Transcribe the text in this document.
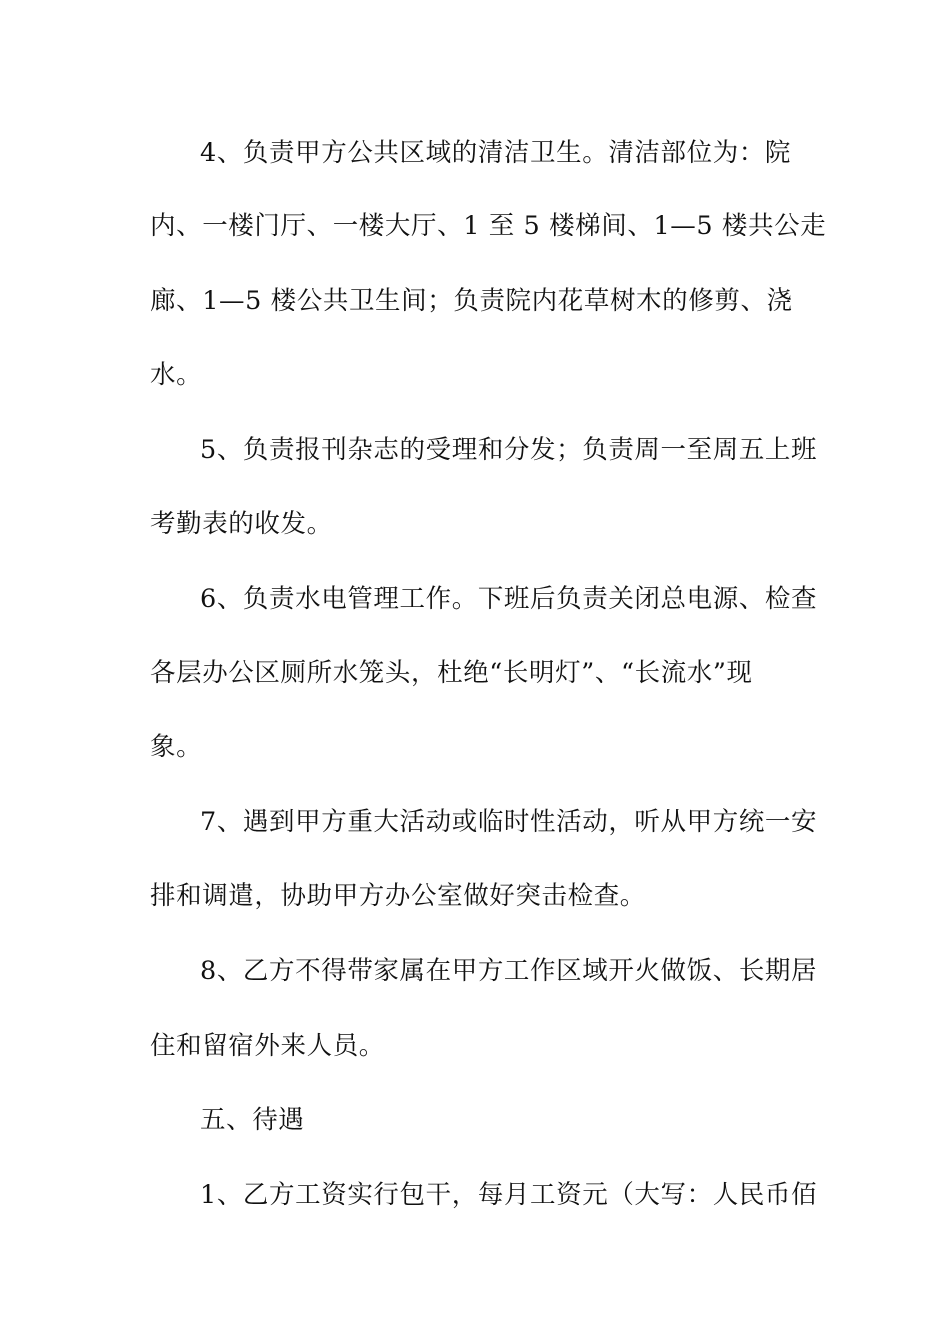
4、负责甲方公共区域的清洁卫生。清洁部位为：院
内、一楼门厅、一楼大厅、1 至 5 楼梯间、1—5 楼共公走
廊、1—5 楼公共卫生间；负责院内花草树木的修剪、浇
水。
5、负责报刊杂志的受理和分发；负责周一至周五上班
考勤表的收发。
6、负责水电管理工作。下班后负责关闭总电源、检查
各层办公区厕所水笼头，杜绝“长明灯”、“长流水”现
象。
7、遇到甲方重大活动或临时性活动，听从甲方统一安
排和调遣，协助甲方办公室做好突击检查。
8、乙方不得带家属在甲方工作区域开火做饭、长期居
住和留宿外来人员。
五、待遇
1、乙方工资实行包干，每月工资元（大写：人民币佰
